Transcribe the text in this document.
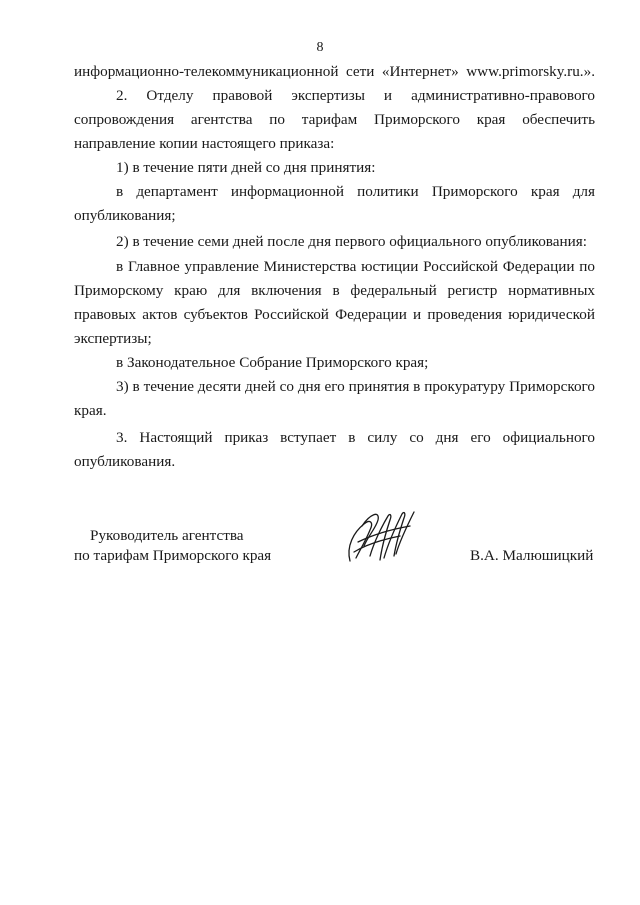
8
информационно-телекоммуникационной сети «Интернет» www.primorsky.ru.».
2. Отделу правовой экспертизы и административно-правового
сопровождения агентства по тарифам Приморского края обеспечить
направление копии настоящего приказа:
1) в течение пяти дней со дня принятия:
в департамент информационной политики Приморского края для
опубликования;
2) в течение семи дней после дня первого официального опубликования:
в Главное управление Министерства юстиции Российской Федерации по
Приморскому краю для включения в федеральный регистр нормативных
правовых актов субъектов Российской Федерации и проведения юридической
экспертизы;
в Законодательное Собрание Приморского края;
3) в течение десяти дней со дня его принятия в прокуратуру Приморского
края.
3. Настоящий приказ вступает в силу со дня его официального
опубликования.
Руководитель агентства
по тарифам Приморского края	В.А. Малюшицкий
